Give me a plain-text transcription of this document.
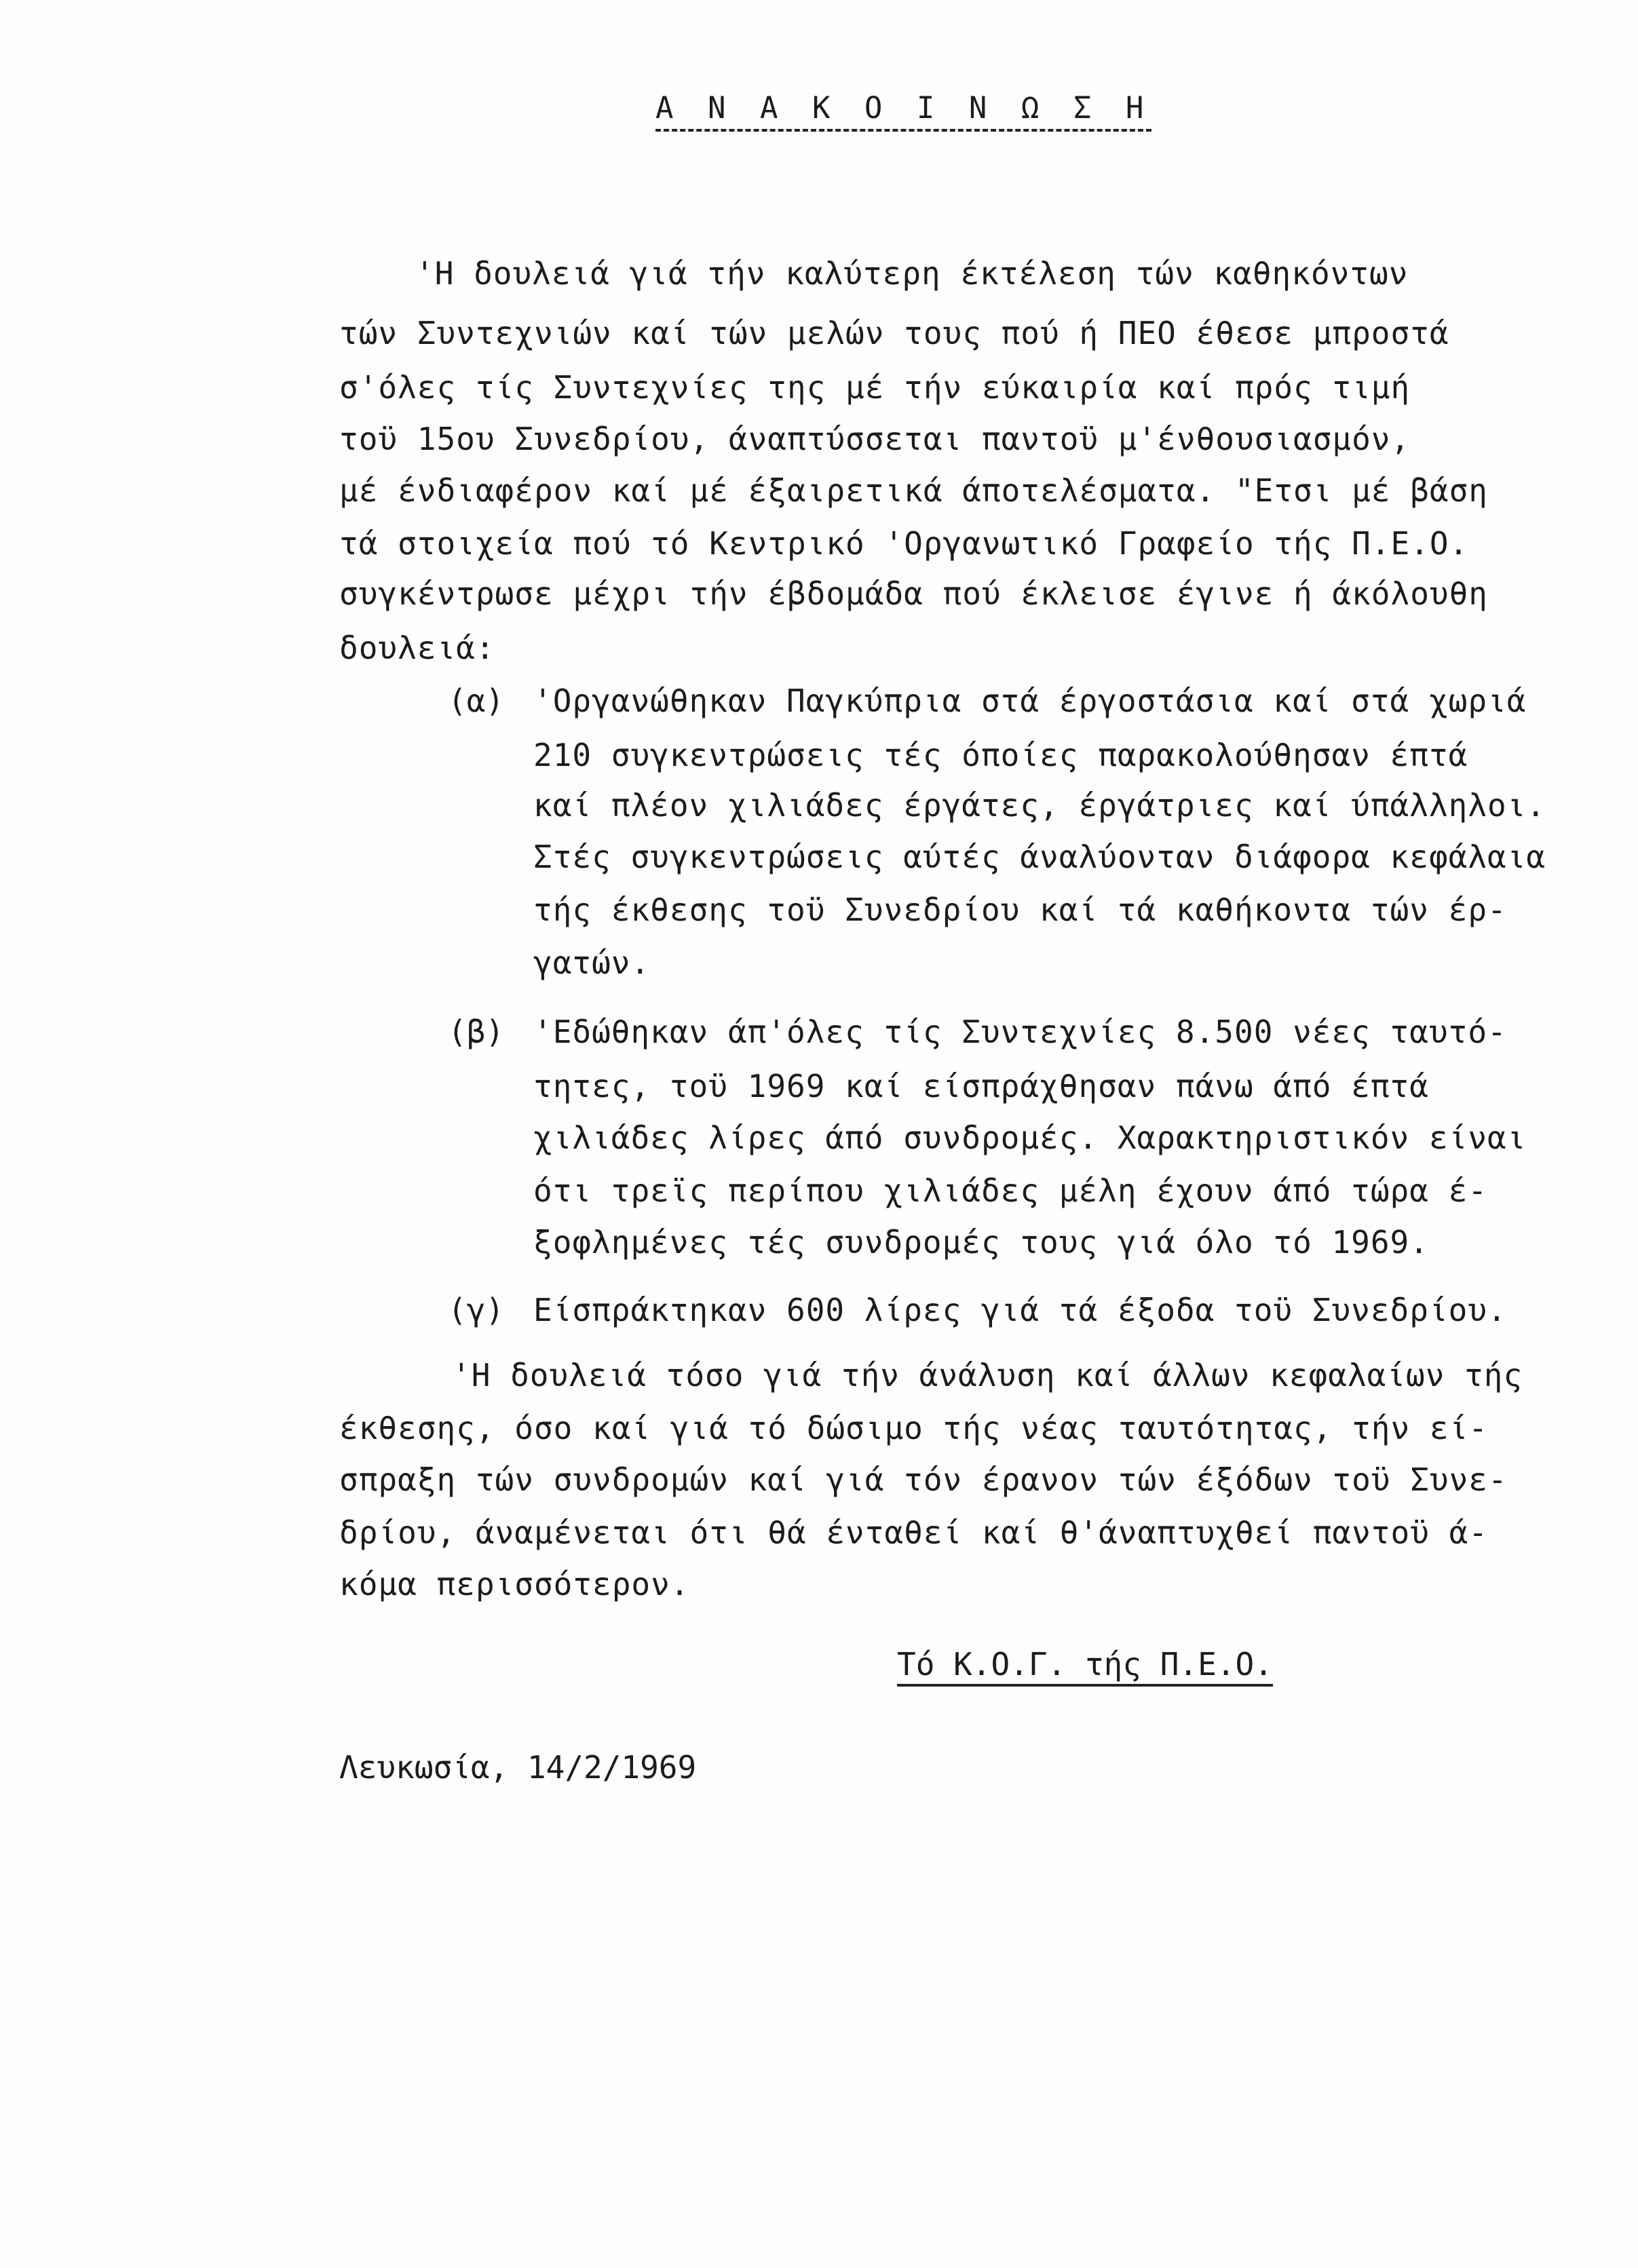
Α Ν Α Κ Ο Ι Ν Ω Σ Η
'Η δουλειά γιά τήν καλύτερη έκτέλεση τών καθηκόντων
τών Συντεχνιών καί τών μελών τους πού ή ΠΕΟ έθεσε μπροστά
σ'όλες τίς Συντεχνίες της μέ τήν εύκαιρία καί πρός τιμή
τοϋ 15ου Συνεδρίου, άναπτύσσεται παντοϋ μ'ένθουσιασμόν,
μέ ένδιαφέρον καί μέ έξαιρετικά άποτελέσματα. "Ετσι μέ βάση
τά στοιχεία πού τό Κεντρικό 'Οργανωτικό Γραφείο τής Π.Ε.Ο.
συγκέντρωσε μέχρι τήν έβδομάδα πού έκλεισε έγινε ή άκόλουθη
δουλειά:
(α) 'Οργανώθηκαν Παγκύπρια στά έργοστάσια καί στά χωριά
210 συγκεντρώσεις τές όποίες παρακολούθησαν έπτά
καί πλέον χιλιάδες έργάτες, έργάτριες καί ύπάλληλοι.
Στές συγκεντρώσεις αύτές άναλύονταν διάφορα κεφάλαια
τής έκθεσης τοϋ Συνεδρίου καί τά καθήκοντα τών έρ-
γατών.
(β) 'Εδώθηκαν άπ'όλες τίς Συντεχνίες 8.500 νέες ταυτό-
τητες, τοϋ 1969 καί είσπράχθησαν πάνω άπό έπτά
χιλιάδες λίρες άπό συνδρομές. Χαρακτηριστικόν είναι
ότι τρεϊς περίπου χιλιάδες μέλη έχουν άπό τώρα έ-
ξοφλημένες τές συνδρομές τους γιά όλο τό 1969.
(γ) Είσπράκτηκαν 600 λίρες γιά τά έξοδα τοϋ Συνεδρίου.
'Η δουλειά τόσο γιά τήν άνάλυση καί άλλων κεφαλαίων τής
έκθεσης, όσο καί γιά τό δώσιμο τής νέας ταυτότητας, τήν εί-
σπραξη τών συνδρομών καί γιά τόν έρανον τών έξόδων τοϋ Συνε-
δρίου, άναμένεται ότι θά ένταθεί καί θ'άναπτυχθεί παντοϋ ά-
κόμα περισσότερον.
Τό Κ.Ο.Γ. τής Π.Ε.Ο.
Λευκωσία, 14/2/1969
